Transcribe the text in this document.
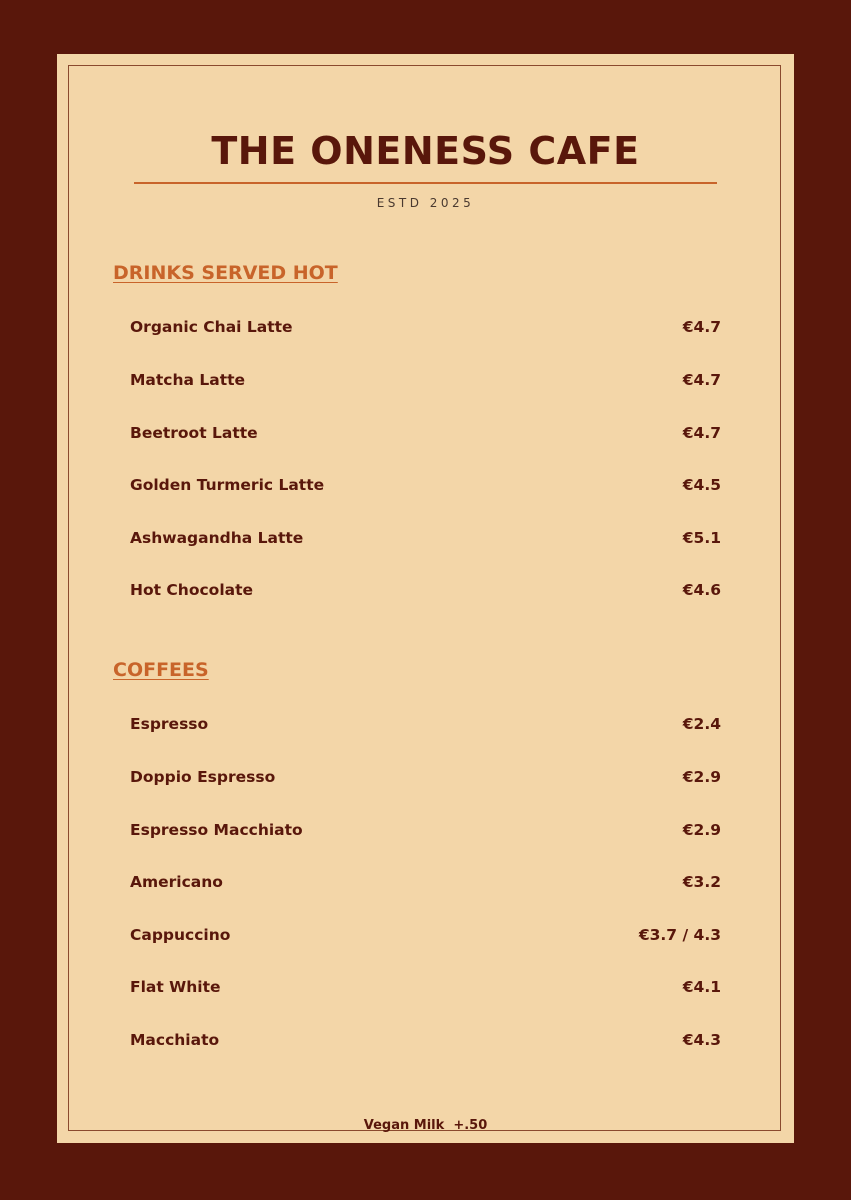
THE ONENESS CAFE
ESTD 2025
DRINKS SERVED HOT
Organic Chai Latte	€4.7
Matcha Latte	€4.7
Beetroot Latte	€4.7
Golden Turmeric Latte	€4.5
Ashwagandha Latte	€5.1
Hot Chocolate	€4.6
COFFEES
Espresso	€2.4
Doppio Espresso	€2.9
Espresso Macchiato	€2.9
Americano	€3.2
Cappuccino	€3.7 / 4.3
Flat White	€4.1
Macchiato	€4.3
Vegan Milk  +.50
